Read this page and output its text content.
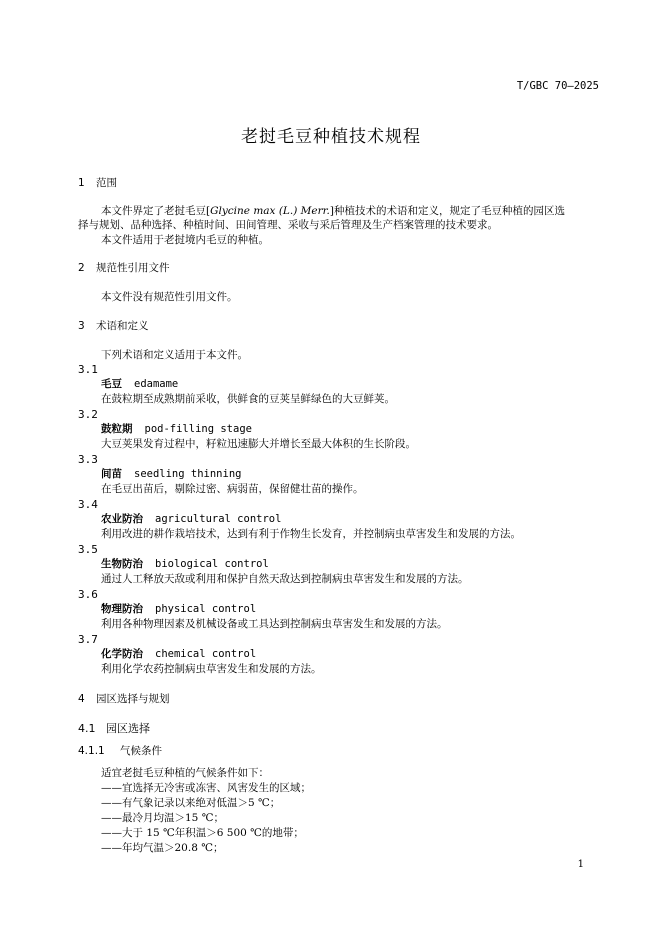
T/GBC 70—2025
老挝毛豆种植技术规程
1 范围
本文件界定了老挝毛豆[Glycine max (L.) Merr.]种植技术的术语和定义，规定了毛豆种植的园区选
择与规划、品种选择、种植时间、田间管理、采收与采后管理及生产档案管理的技术要求。
本文件适用于老挝境内毛豆的种植。
2 规范性引用文件
本文件没有规范性引用文件。
3 术语和定义
下列术语和定义适用于本文件。
3.1
毛豆 edamame
在鼓粒期至成熟期前采收，供鲜食的豆荚呈鲜绿色的大豆鲜荚。
3.2
鼓粒期 pod-filling stage
大豆荚果发育过程中，籽粒迅速膨大并增长至最大体积的生长阶段。
3.3
间苗 seedling thinning
在毛豆出苗后，剔除过密、病弱苗，保留健壮苗的操作。
3.4
农业防治 agricultural control
利用改进的耕作栽培技术，达到有利于作物生长发育，并控制病虫草害发生和发展的方法。
3.5
生物防治 biological control
通过人工释放天敌或利用和保护自然天敌达到控制病虫草害发生和发展的方法。
3.6
物理防治 physical control
利用各种物理因素及机械设备或工具达到控制病虫草害发生和发展的方法。
3.7
化学防治 chemical control
利用化学农药控制病虫草害发生和发展的方法。
4 园区选择与规划
4.1 园区选择
4.1.1 气候条件
适宜老挝毛豆种植的气候条件如下：
——宜选择无冷害或冻害、风害发生的区域；
——有气象记录以来绝对低温＞5 ℃；
——最冷月均温＞15 ℃；
——大于 15 ℃年积温＞6 500 ℃的地带；
——年均气温＞20.8 ℃；
1
